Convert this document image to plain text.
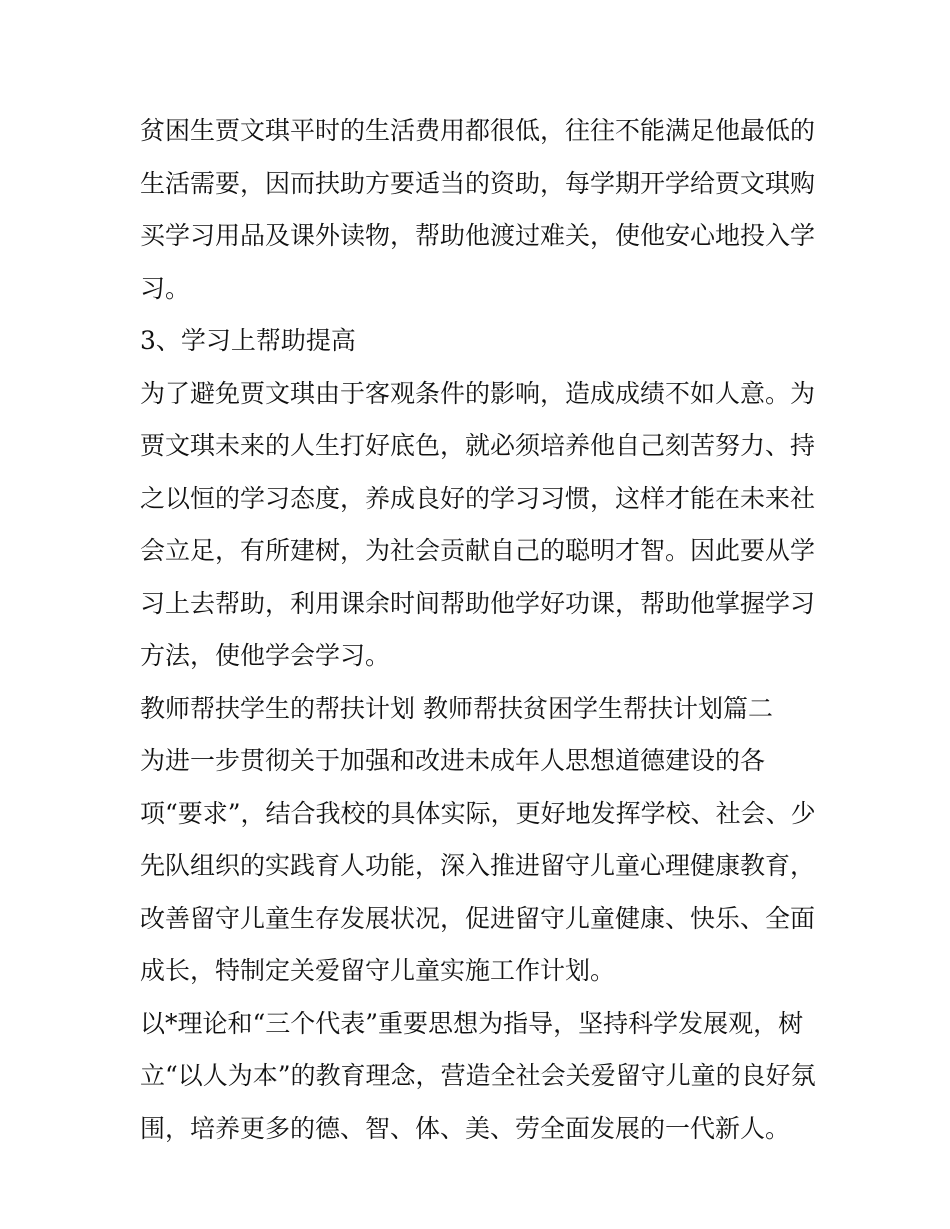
贫困生贾文琪平时的生活费用都很低，往往不能满足他最低的
生活需要，因而扶助方要适当的资助，每学期开学给贾文琪购
买学习用品及课外读物，帮助他渡过难关，使他安心地投入学
习。
3、学习上帮助提高
为了避免贾文琪由于客观条件的影响，造成成绩不如人意。为
贾文琪未来的人生打好底色，就必须培养他自己刻苦努力、持
之以恒的学习态度，养成良好的学习习惯，这样才能在未来社
会立足，有所建树，为社会贡献自己的聪明才智。因此要从学
习上去帮助，利用课余时间帮助他学好功课，帮助他掌握学习
方法，使他学会学习。
教师帮扶学生的帮扶计划 教师帮扶贫困学生帮扶计划篇二
为进一步贯彻关于加强和改进未成年人思想道德建设的各
项“要求”，结合我校的具体实际，更好地发挥学校、社会、少
先队组织的实践育人功能，深入推进留守儿童心理健康教育，
改善留守儿童生存发展状况，促进留守儿童健康、快乐、全面
成长，特制定关爱留守儿童实施工作计划。
以*理论和“三个代表”重要思想为指导，坚持科学发展观，树
立“以人为本”的教育理念，营造全社会关爱留守儿童的良好氛
围，培养更多的德、智、体、美、劳全面发展的一代新人。
